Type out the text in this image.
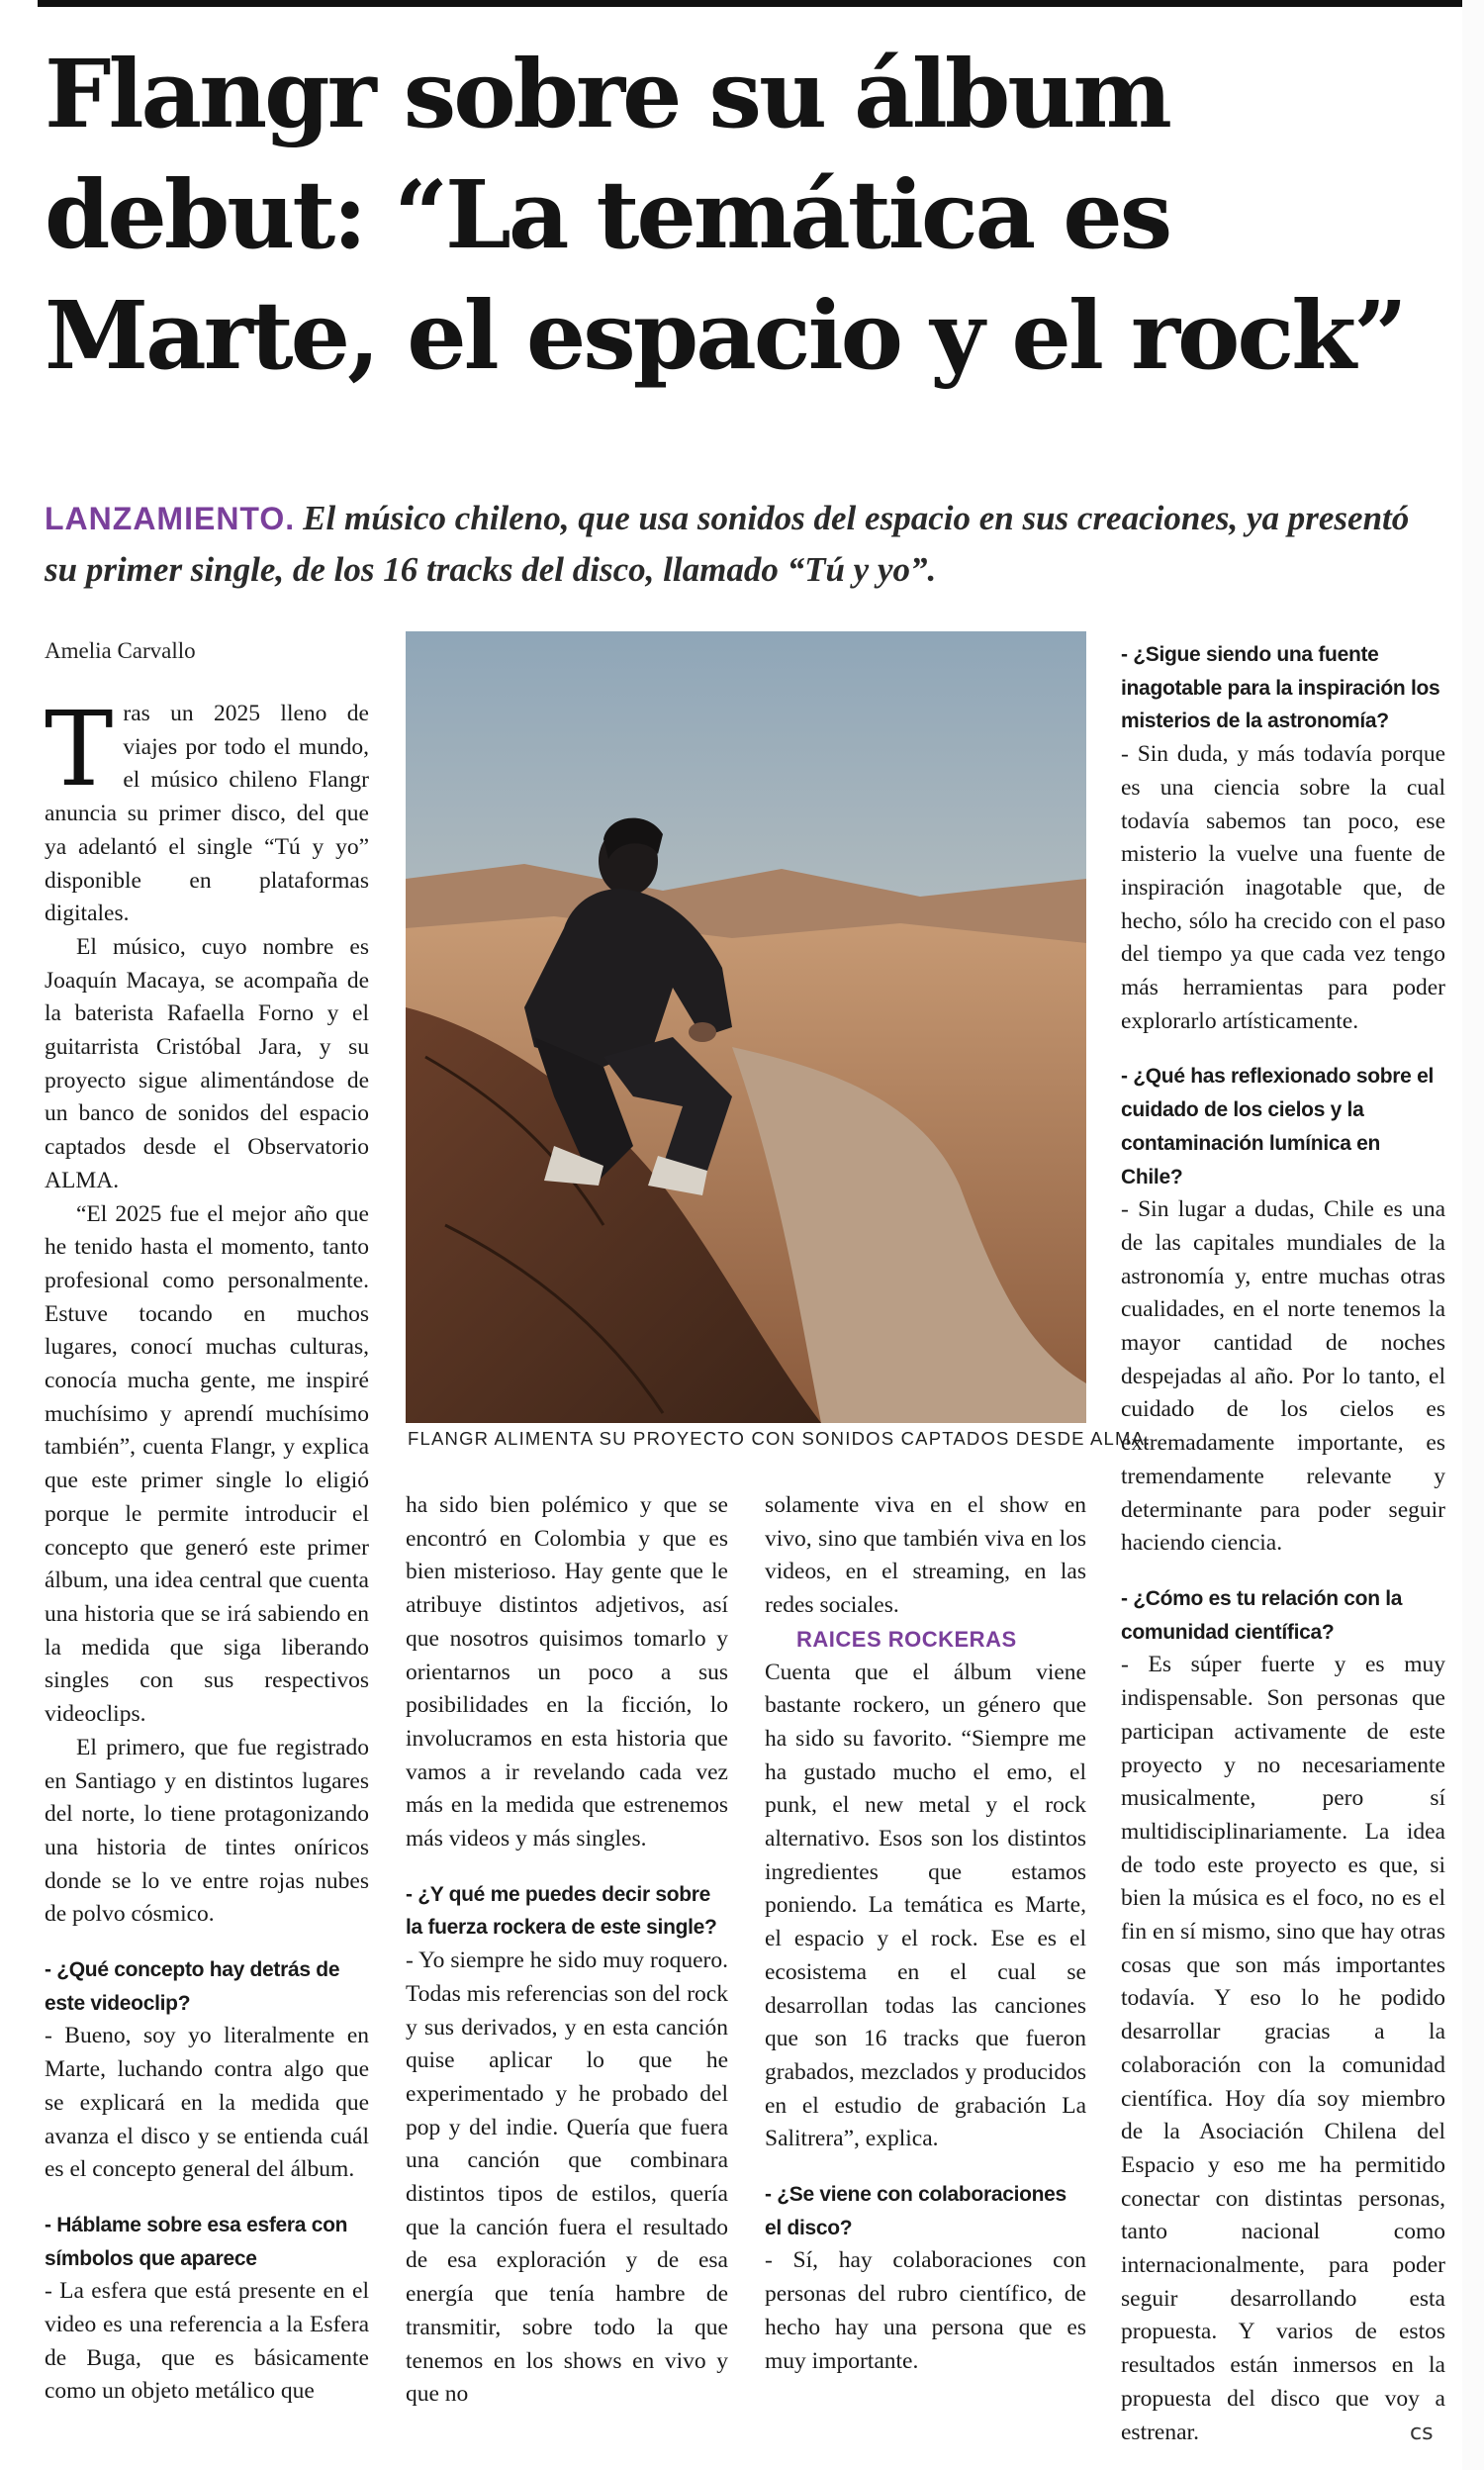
Flangr sobre su álbum debut: “La temática es Marte, el espacio y el rock”
LANZAMIENTO. El músico chileno, que usa sonidos del espacio en sus creaciones, ya presentó su primer single, de los 16 tracks del disco, llamado “Tú y yo”.
Amelia Carvallo

Tras un 2025 lleno de viajes por todo el mundo, el músico chileno Flangr anuncia su primer disco, del que ya adelantó el single “Tú y yo” disponible en plataformas digitales.

El músico, cuyo nombre es Joaquín Macaya, se acompaña de la baterista Rafaella Forno y el guitarrista Cristóbal Jara, y su proyecto sigue alimentándose de un banco de sonidos del espacio captados desde el Observatorio ALMA.

“El 2025 fue el mejor año que he tenido hasta el momento, tanto profesional como personalmente. Estuve tocando en muchos lugares, conocí muchas culturas, conocía mucha gente, me inspiré muchísimo y aprendí muchísimo también”, cuenta Flangr, y explica que este primer single lo eligió porque le permite introducir el concepto que generó este primer álbum, una idea central que cuenta una historia que se irá sabiendo en la medida que siga liberando singles con sus respectivos videoclips.

El primero, que fue registrado en Santiago y en distintos lugares del norte, lo tiene protagonizando una historia de tintes oníricos donde se lo ve entre rojas nubes de polvo cósmico.

- ¿Qué concepto hay detrás de este videoclip?

- Bueno, soy yo literalmente en Marte, luchando contra algo que se explicará en la medida que avanza el disco y se entienda cuál es el concepto general del álbum.

- Háblame sobre esa esfera con símbolos que aparece

- La esfera que está presente en el video es una referencia a la Esfera de Buga, que es básicamente como un objeto metálico que

FLANGR ALIMENTA SU PROYECTO CON SONIDOS CAPTADOS DESDE ALMA.

ha sido bien polémico y que se encontró en Colombia y que es bien misterioso. Hay gente que le atribuye distintos adjetivos, así que nosotros quisimos tomarlo y orientarnos un poco a sus posibilidades en la ficción, lo involucramos en esta historia que vamos a ir revelando cada vez más en la medida que estrenemos más videos y más singles.

- ¿Y qué me puedes decir sobre la fuerza rockera de este single?

- Yo siempre he sido muy roquero. Todas mis referencias son del rock y sus derivados, y en esta canción quise aplicar lo que he experimentado y he probado del pop y del indie. Quería que fuera una canción que combinara distintos tipos de estilos, quería que la canción fuera el resultado de esa exploración y de esa energía que tenía hambre de transmitir, sobre todo la que tenemos en los shows en vivo y que no

solamente viva en el show en vivo, sino que también viva en los videos, en el streaming, en las redes sociales.

RAICES ROCKERAS

Cuenta que el álbum viene bastante rockero, un género que ha sido su favorito. “Siempre me ha gustado mucho el emo, el punk, el new metal y el rock alternativo. Esos son los distintos ingredientes que estamos poniendo. La temática es Marte, el espacio y el rock. Ese es el ecosistema en el cual se desarrollan todas las canciones que son 16 tracks que fueron grabados, mezclados y producidos en el estudio de grabación La Salitrera”, explica.

- ¿Se viene con colaboraciones el disco?

- Sí, hay colaboraciones con personas del rubro científico, de hecho hay una persona que es muy importante.

- ¿Sigue siendo una fuente inagotable para la inspiración los misterios de la astronomía?

- Sin duda, y más todavía porque es una ciencia sobre la cual todavía sabemos tan poco, ese misterio la vuelve una fuente de inspiración inagotable que, de hecho, sólo ha crecido con el paso del tiempo ya que cada vez tengo más herramientas para poder explorarlo artísticamente.

- ¿Qué has reflexionado sobre el cuidado de los cielos y la contaminación lumínica en Chile?

- Sin lugar a dudas, Chile es una de las capitales mundiales de la astronomía y, entre muchas otras cualidades, en el norte tenemos la mayor cantidad de noches despejadas al año. Por lo tanto, el cuidado de los cielos es extremadamente importante, es tremendamente relevante y determinante para poder seguir haciendo ciencia.

- ¿Cómo es tu relación con la comunidad científica?

- Es súper fuerte y es muy indispensable. Son personas que participan activamente de este proyecto y no necesariamente musicalmente, pero sí multidisciplinariamente. La idea de todo este proyecto es que, si bien la música es el foco, no es el fin en sí mismo, sino que hay otras cosas que son más importantes todavía. Y eso lo he podido desarrollar gracias a la colaboración con la comunidad científica. Hoy día soy miembro de la Asociación Chilena del Espacio y eso me ha permitido conectar con distintas personas, tanto nacional como internacionalmente, para poder seguir desarrollando esta propuesta. Y varios de estos resultados están inmersos en la propuesta del disco que voy a estrenar.	cs
